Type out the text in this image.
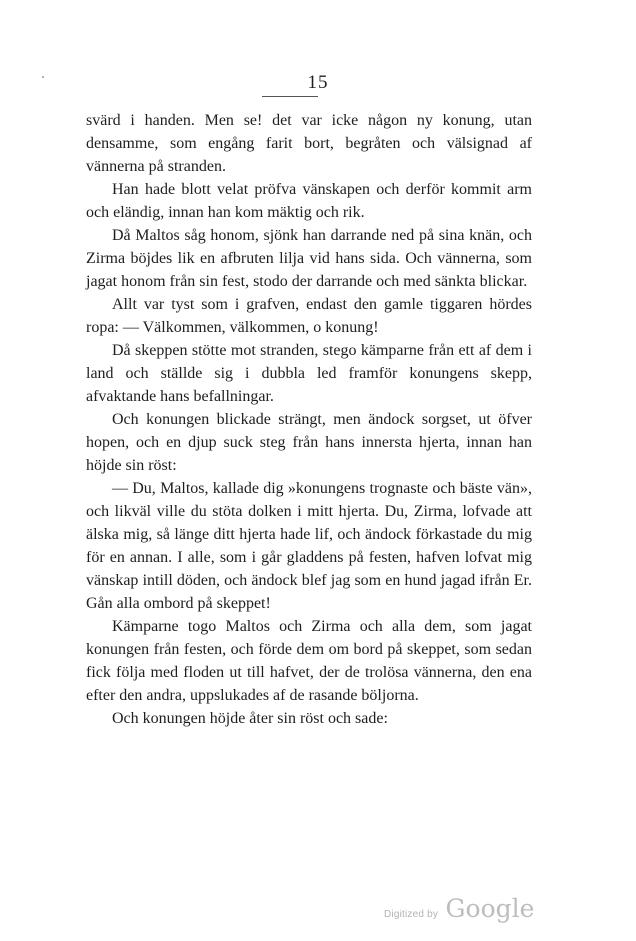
15

svärd i handen. Men se! det var icke någon ny konung, utan densamme, som engång farit bort, begråten och välsignad af vännerna på stranden.

Han hade blott velat pröfva vänskapen och derför kommit arm och eländig, innan han kom mäktig och rik.

Då Maltos såg honom, sjönk han darrande ned på sina knän, och Zirma böjdes lik en afbruten lilja vid hans sida. Och vännerna, som jagat honom från sin fest, stodo der darrande och med sänkta blickar.

Allt var tyst som i grafven, endast den gamle tiggaren hördes ropa: — Välkommen, välkommen, o konung!

Då skeppen stötte mot stranden, stego kämparne från ett af dem i land och ställde sig i dubbla led framför konungens skepp, afvaktande hans befallningar.

Och konungen blickade strängt, men ändock sorgset, ut öfver hopen, och en djup suck steg från hans innersta hjerta, innan han höjde sin röst:

— Du, Maltos, kallade dig »konungens trognaste och bäste vän», och likväl ville du stöta dolken i mitt hjerta. Du, Zirma, lofvade att älska mig, så länge ditt hjerta hade lif, och ändock förkastade du mig för en annan. I alle, som i går gladdens på festen, hafven lofvat mig vänskap intill döden, och ändock blef jag som en hund jagad ifrån Er. Gån alla ombord på skeppet!

Kämparne togo Maltos och Zirma och alla dem, som jagat konungen från festen, och förde dem om bord på skeppet, som sedan fick följa med floden ut till hafvet, der de trolösa vännerna, den ena efter den andra, uppslukades af de rasande böljorna.

Och konungen höjde åter sin röst och sade:

Digitized by Google
